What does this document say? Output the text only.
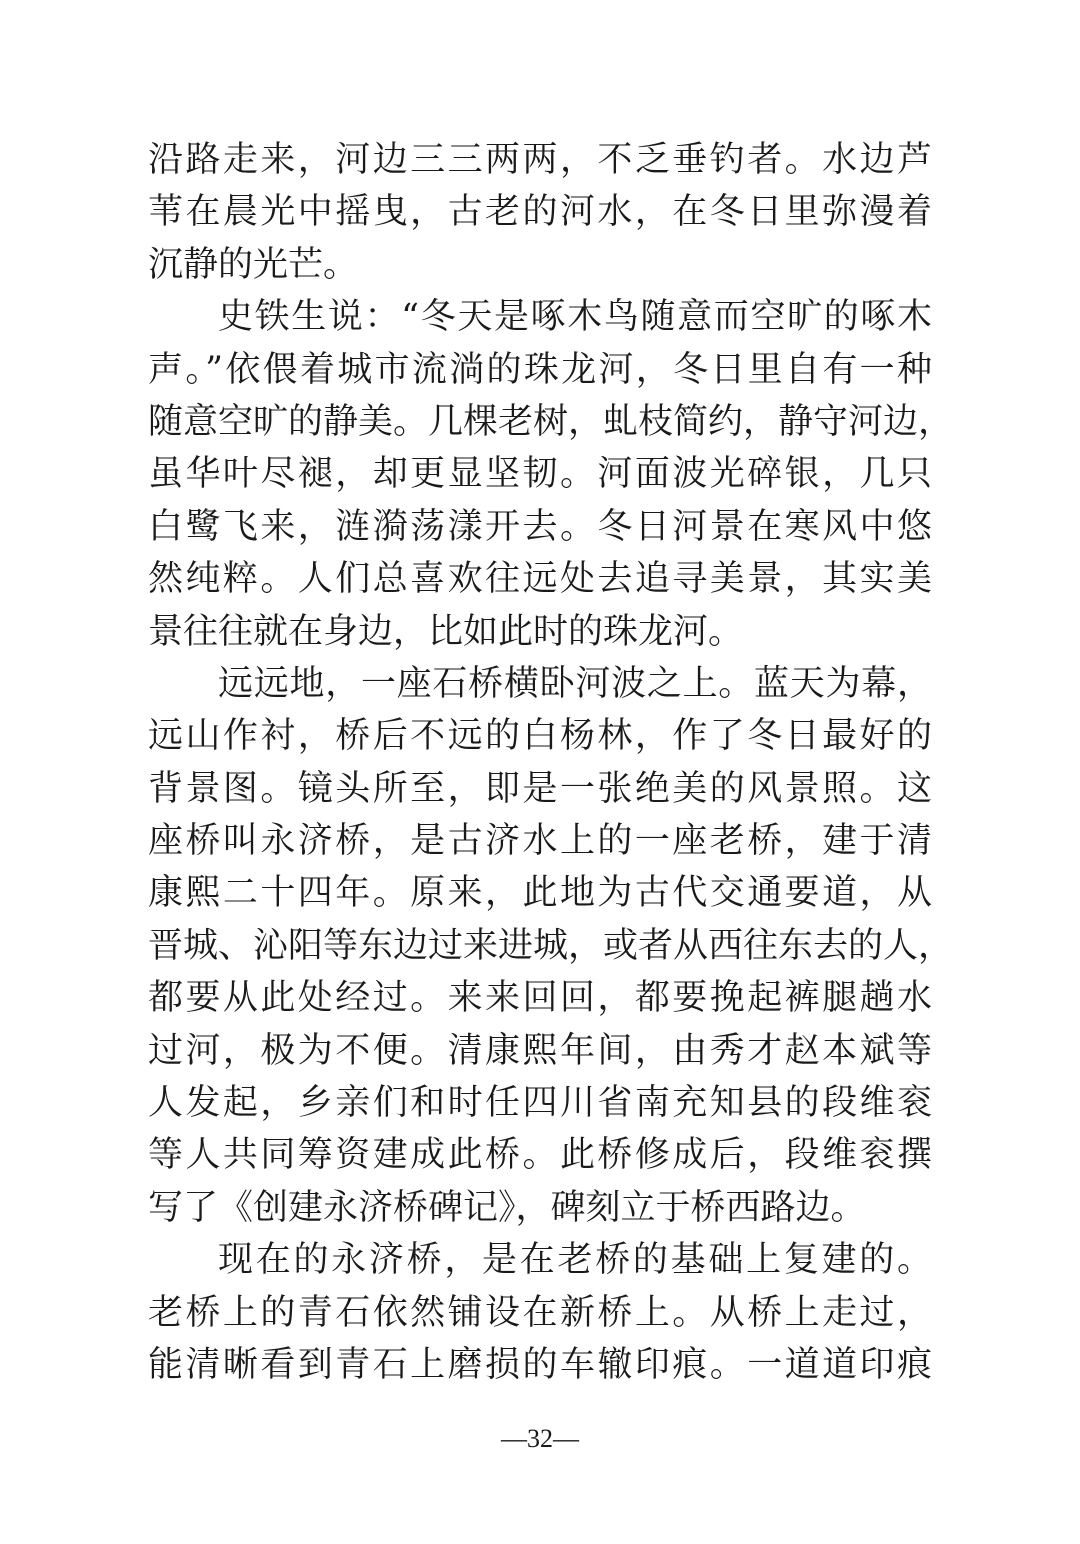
沿路走来，河边三三两两，不乏垂钓者。水边芦
苇在晨光中摇曳，古老的河水，在冬日里弥漫着
沉静的光芒。
史铁生说：“冬天是啄木鸟随意而空旷的啄木
声。”依偎着城市流淌的珠龙河，冬日里自有一种
随意空旷的静美。几棵老树，虬枝简约，静守河边，
虽华叶尽褪，却更显坚韧。河面波光碎银，几只
白鹭飞来，涟漪荡漾开去。冬日河景在寒风中悠
然纯粹。人们总喜欢往远处去追寻美景，其实美
景往往就在身边，比如此时的珠龙河。
远远地，一座石桥横卧河波之上。蓝天为幕，
远山作衬，桥后不远的白杨林，作了冬日最好的
背景图。镜头所至，即是一张绝美的风景照。这
座桥叫永济桥，是古济水上的一座老桥，建于清
康熙二十四年。原来，此地为古代交通要道，从
晋城、沁阳等东边过来进城，或者从西往东去的人，
都要从此处经过。来来回回，都要挽起裤腿趟水
过河，极为不便。清康熙年间，由秀才赵本斌等
人发起，乡亲们和时任四川省南充知县的段维衮
等人共同筹资建成此桥。此桥修成后，段维衮撰
写了《创建永济桥碑记》，碑刻立于桥西路边。
现在的永济桥，是在老桥的基础上复建的。
老桥上的青石依然铺设在新桥上。从桥上走过，
能清晰看到青石上磨损的车辙印痕。一道道印痕
—32—
